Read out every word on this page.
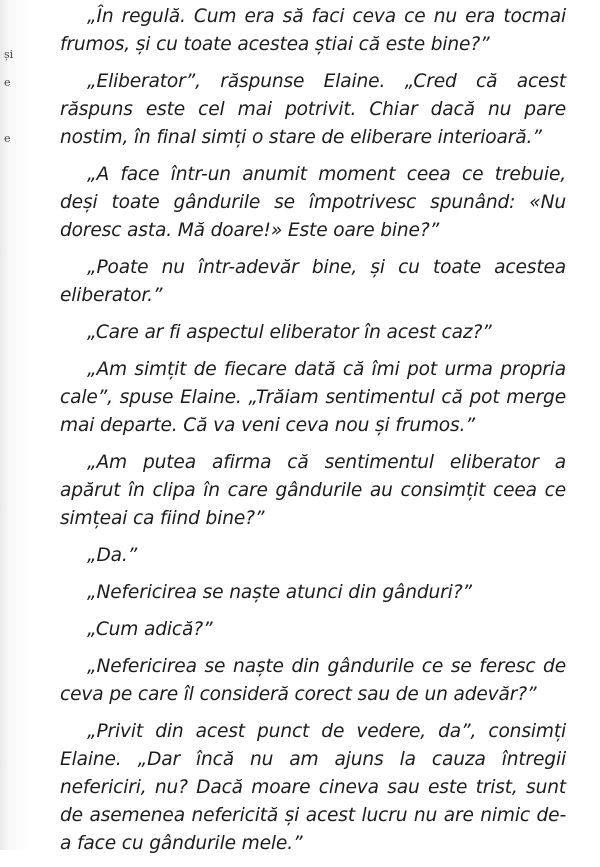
și
e
e

„În regulă. Cum era să faci ceva ce nu era tocmai frumos, și cu toate acestea știai că este bine?”

„Eliberator”, răspunse Elaine. „Cred că acest răspuns este cel mai potrivit. Chiar dacă nu pare nostim, în final simți o stare de eliberare interioară.”

„A face într-un anumit moment ceea ce trebuie, deși toate gândurile se împotrivesc spunând: «Nu doresc asta. Mă doare!» Este oare bine?”

„Poate nu într-adevăr bine, și cu toate acestea eliberator.”

„Care ar fi aspectul eliberator în acest caz?”

„Am simțit de fiecare dată că îmi pot urma propria cale”, spuse Elaine. „Trăiam sentimentul că pot merge mai departe. Că va veni ceva nou și frumos.”

„Am putea afirma că sentimentul eliberator a apărut în clipa în care gândurile au consimțit ceea ce simțeai ca fiind bine?”

„Da.”

„Nefericirea se naște atunci din gânduri?”

„Cum adică?”

„Nefericirea se naște din gândurile ce se feresc de ceva pe care îl consideră corect sau de un adevăr?”

„Privit din acest punct de vedere, da”, consimți Elaine. „Dar încă nu am ajuns la cauza întregii nefericiri, nu? Dacă moare cineva sau este trist, sunt de asemenea nefericită și acest lucru nu are nimic de-a face cu gândurile mele.”
